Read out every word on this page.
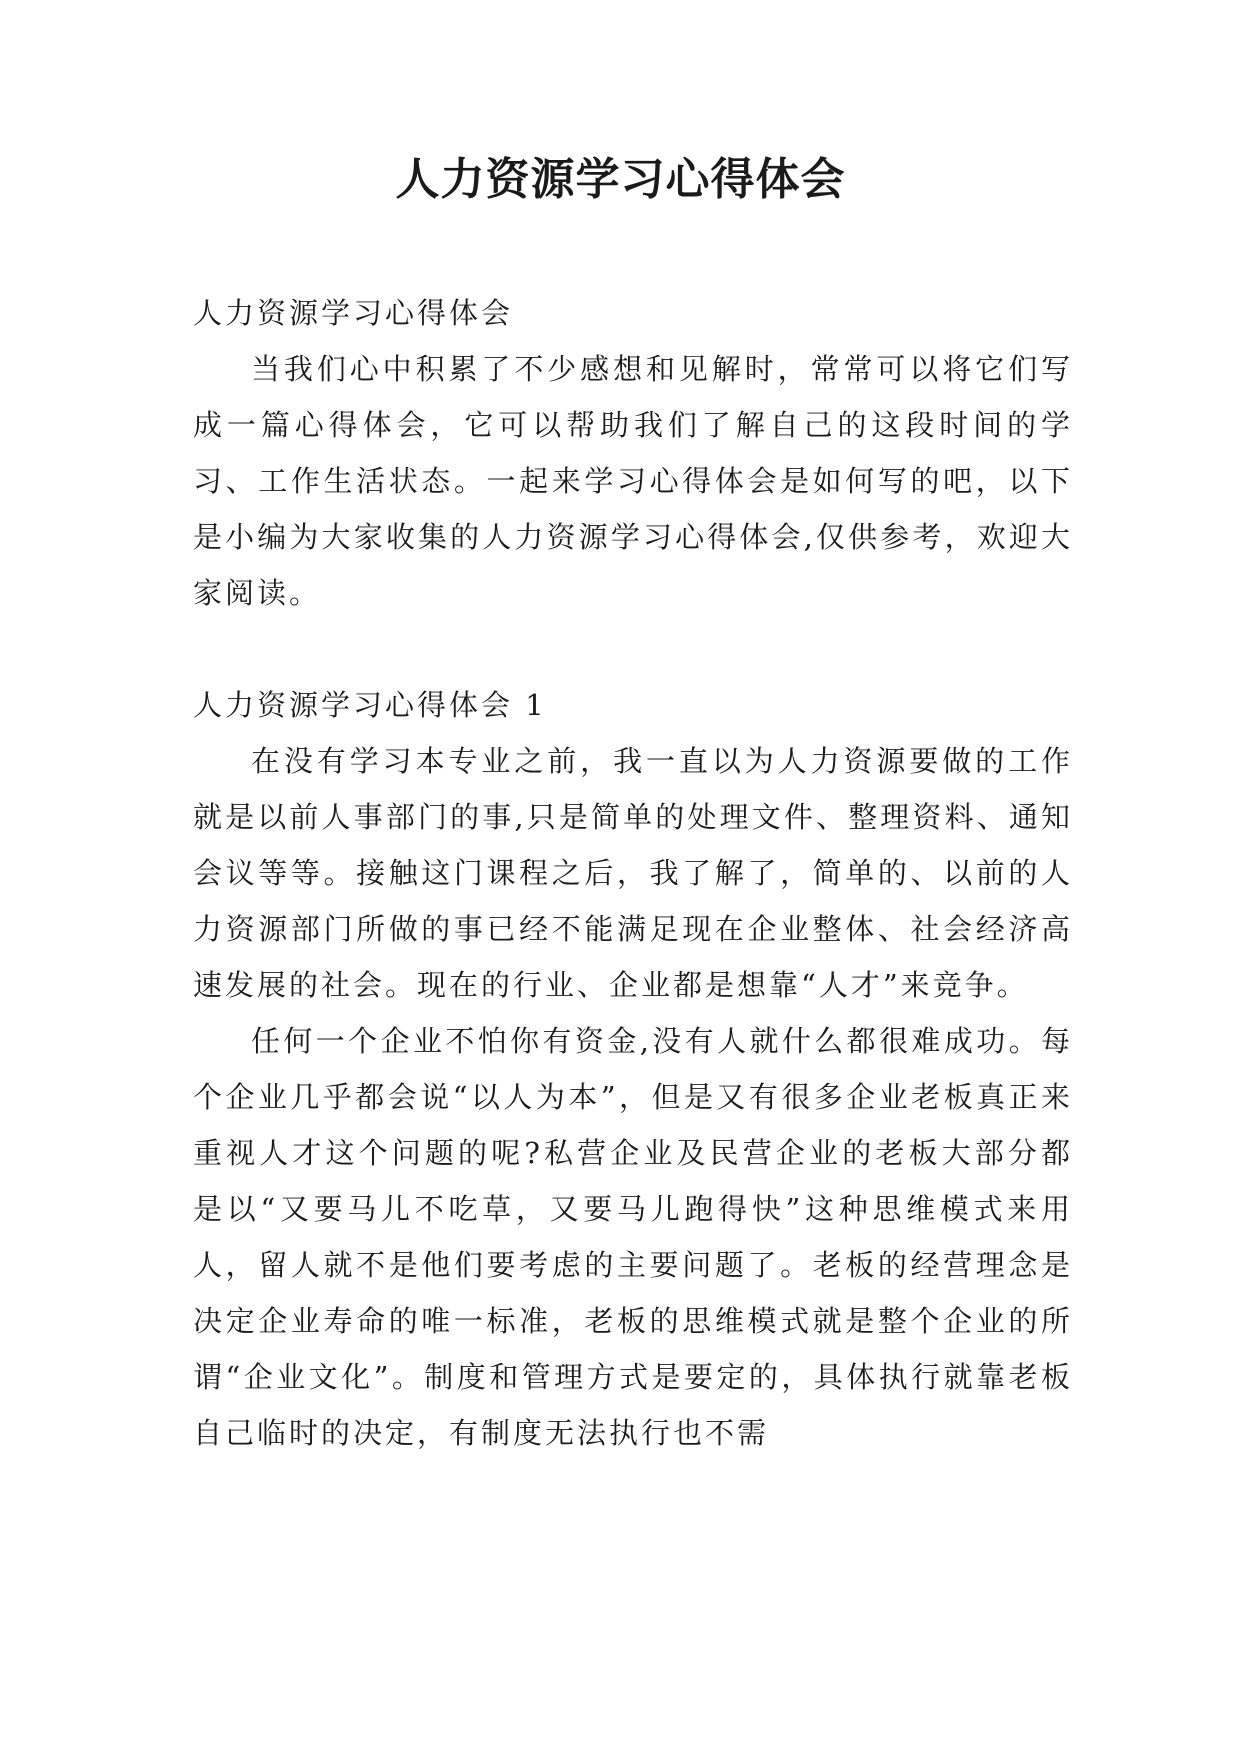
人力资源学习心得体会

人力资源学习心得体会

当我们心中积累了不少感想和见解时，常常可以将它们写成一篇心得体会，它可以帮助我们了解自己的这段时间的学习、工作生活状态。一起来学习心得体会是如何写的吧，以下是小编为大家收集的人力资源学习心得体会,仅供参考，欢迎大家阅读。

人力资源学习心得体会 1

在没有学习本专业之前，我一直以为人力资源要做的工作就是以前人事部门的事,只是简单的处理文件、整理资料、通知会议等等。接触这门课程之后，我了解了，简单的、以前的人力资源部门所做的事已经不能满足现在企业整体、社会经济高速发展的社会。现在的行业、企业都是想靠“人才”来竞争。

任何一个企业不怕你有资金,没有人就什么都很难成功。每个企业几乎都会说“以人为本”，但是又有很多企业老板真正来重视人才这个问题的呢?私营企业及民营企业的老板大部分都是以“又要马儿不吃草，又要马儿跑得快”这种思维模式来用人，留人就不是他们要考虑的主要问题了。老板的经营理念是决定企业寿命的唯一标准，老板的思维模式就是整个企业的所谓“企业文化”。制度和管理方式是要定的，具体执行就靠老板自己临时的决定，有制度无法执行也不需
